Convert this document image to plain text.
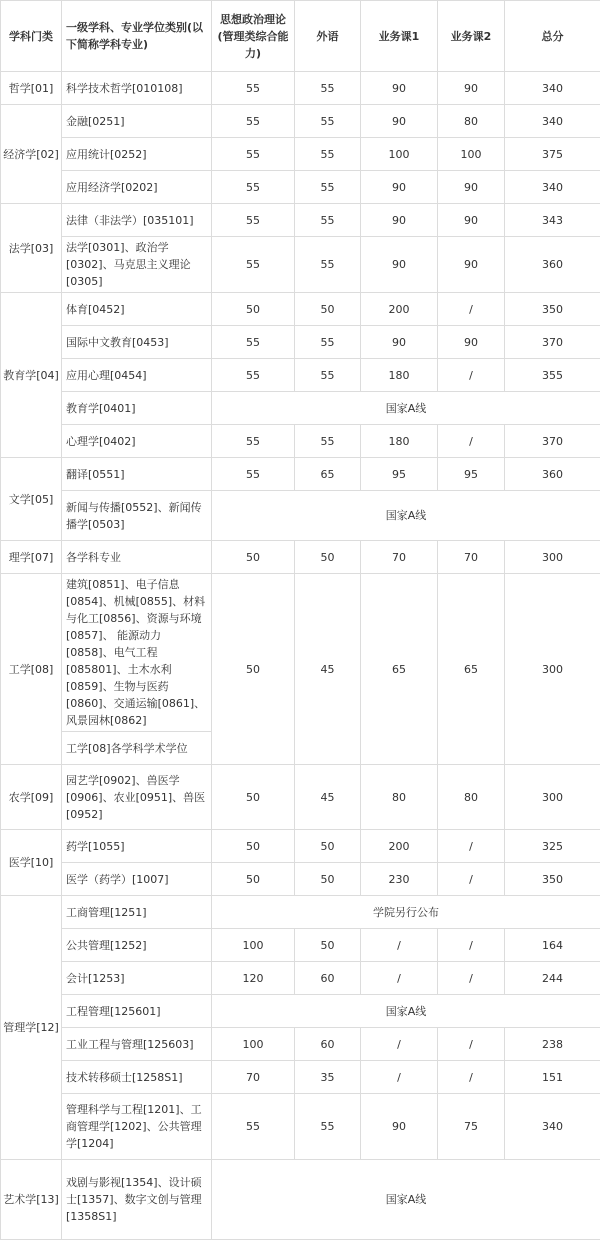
学科门类	一级学科、专业学位类别(以下简称学科专业)	思想政治理论(管理类综合能力)	外语	业务课1	业务课2	总分
哲学[01]	科学技术哲学[010108]	55	55	90	90	340
经济学[02]	金融[0251]	55	55	90	80	340
	应用统计[0252]	55	55	100	100	375
	应用经济学[0202]	55	55	90	90	340
法学[03]	法律（非法学）[035101]	55	55	90	90	343
	法学[0301]、政治学[0302]、马克思主义理论[0305]	55	55	90	90	360
教育学[04]	体育[0452]	50	50	200	/	350
	国际中文教育[0453]	55	55	90	90	370
	应用心理[0454]	55	55	180	/	355
	教育学[0401]	国家A线				
	心理学[0402]	55	55	180	/	370
文学[05]	翻译[0551]	55	65	95	95	360
	新闻与传播[0552]、新闻传播学[0503]	国家A线				
理学[07]	各学科专业	50	50	70	70	300
工学[08]	建筑[0851]、电子信息[0854]、机械[0855]、材料与化工[0856]、资源与环境[0857]、 能源动力[0858]、电气工程[085801]、土木水利[0859]、生物与医药[0860]、交通运输[0861]、风景园林[0862]	50	45	65	65	300
	工学[08]各学科学术学位					
农学[09]	园艺学[0902]、兽医学[0906]、农业[0951]、兽医[0952]	50	45	80	80	300
医学[10]	药学[1055]	50	50	200	/	325
	医学（药学）[1007]	50	50	230	/	350
管理学[12]	工商管理[1251]	学院另行公布				
	公共管理[1252]	100	50	/	/	164
	会计[1253]	120	60	/	/	244
	工程管理[125601]	国家A线				
	工业工程与管理[125603]	100	60	/	/	238
	技术转移硕士[1258S1]	70	35	/	/	151
	管理科学与工程[1201]、工商管理学[1202]、公共管理学[1204]	55	55	90	75	340
艺术学[13]	戏剧与影视[1354]、设计硕士[1357]、数字文创与管理[1358S1]	国家A线				
